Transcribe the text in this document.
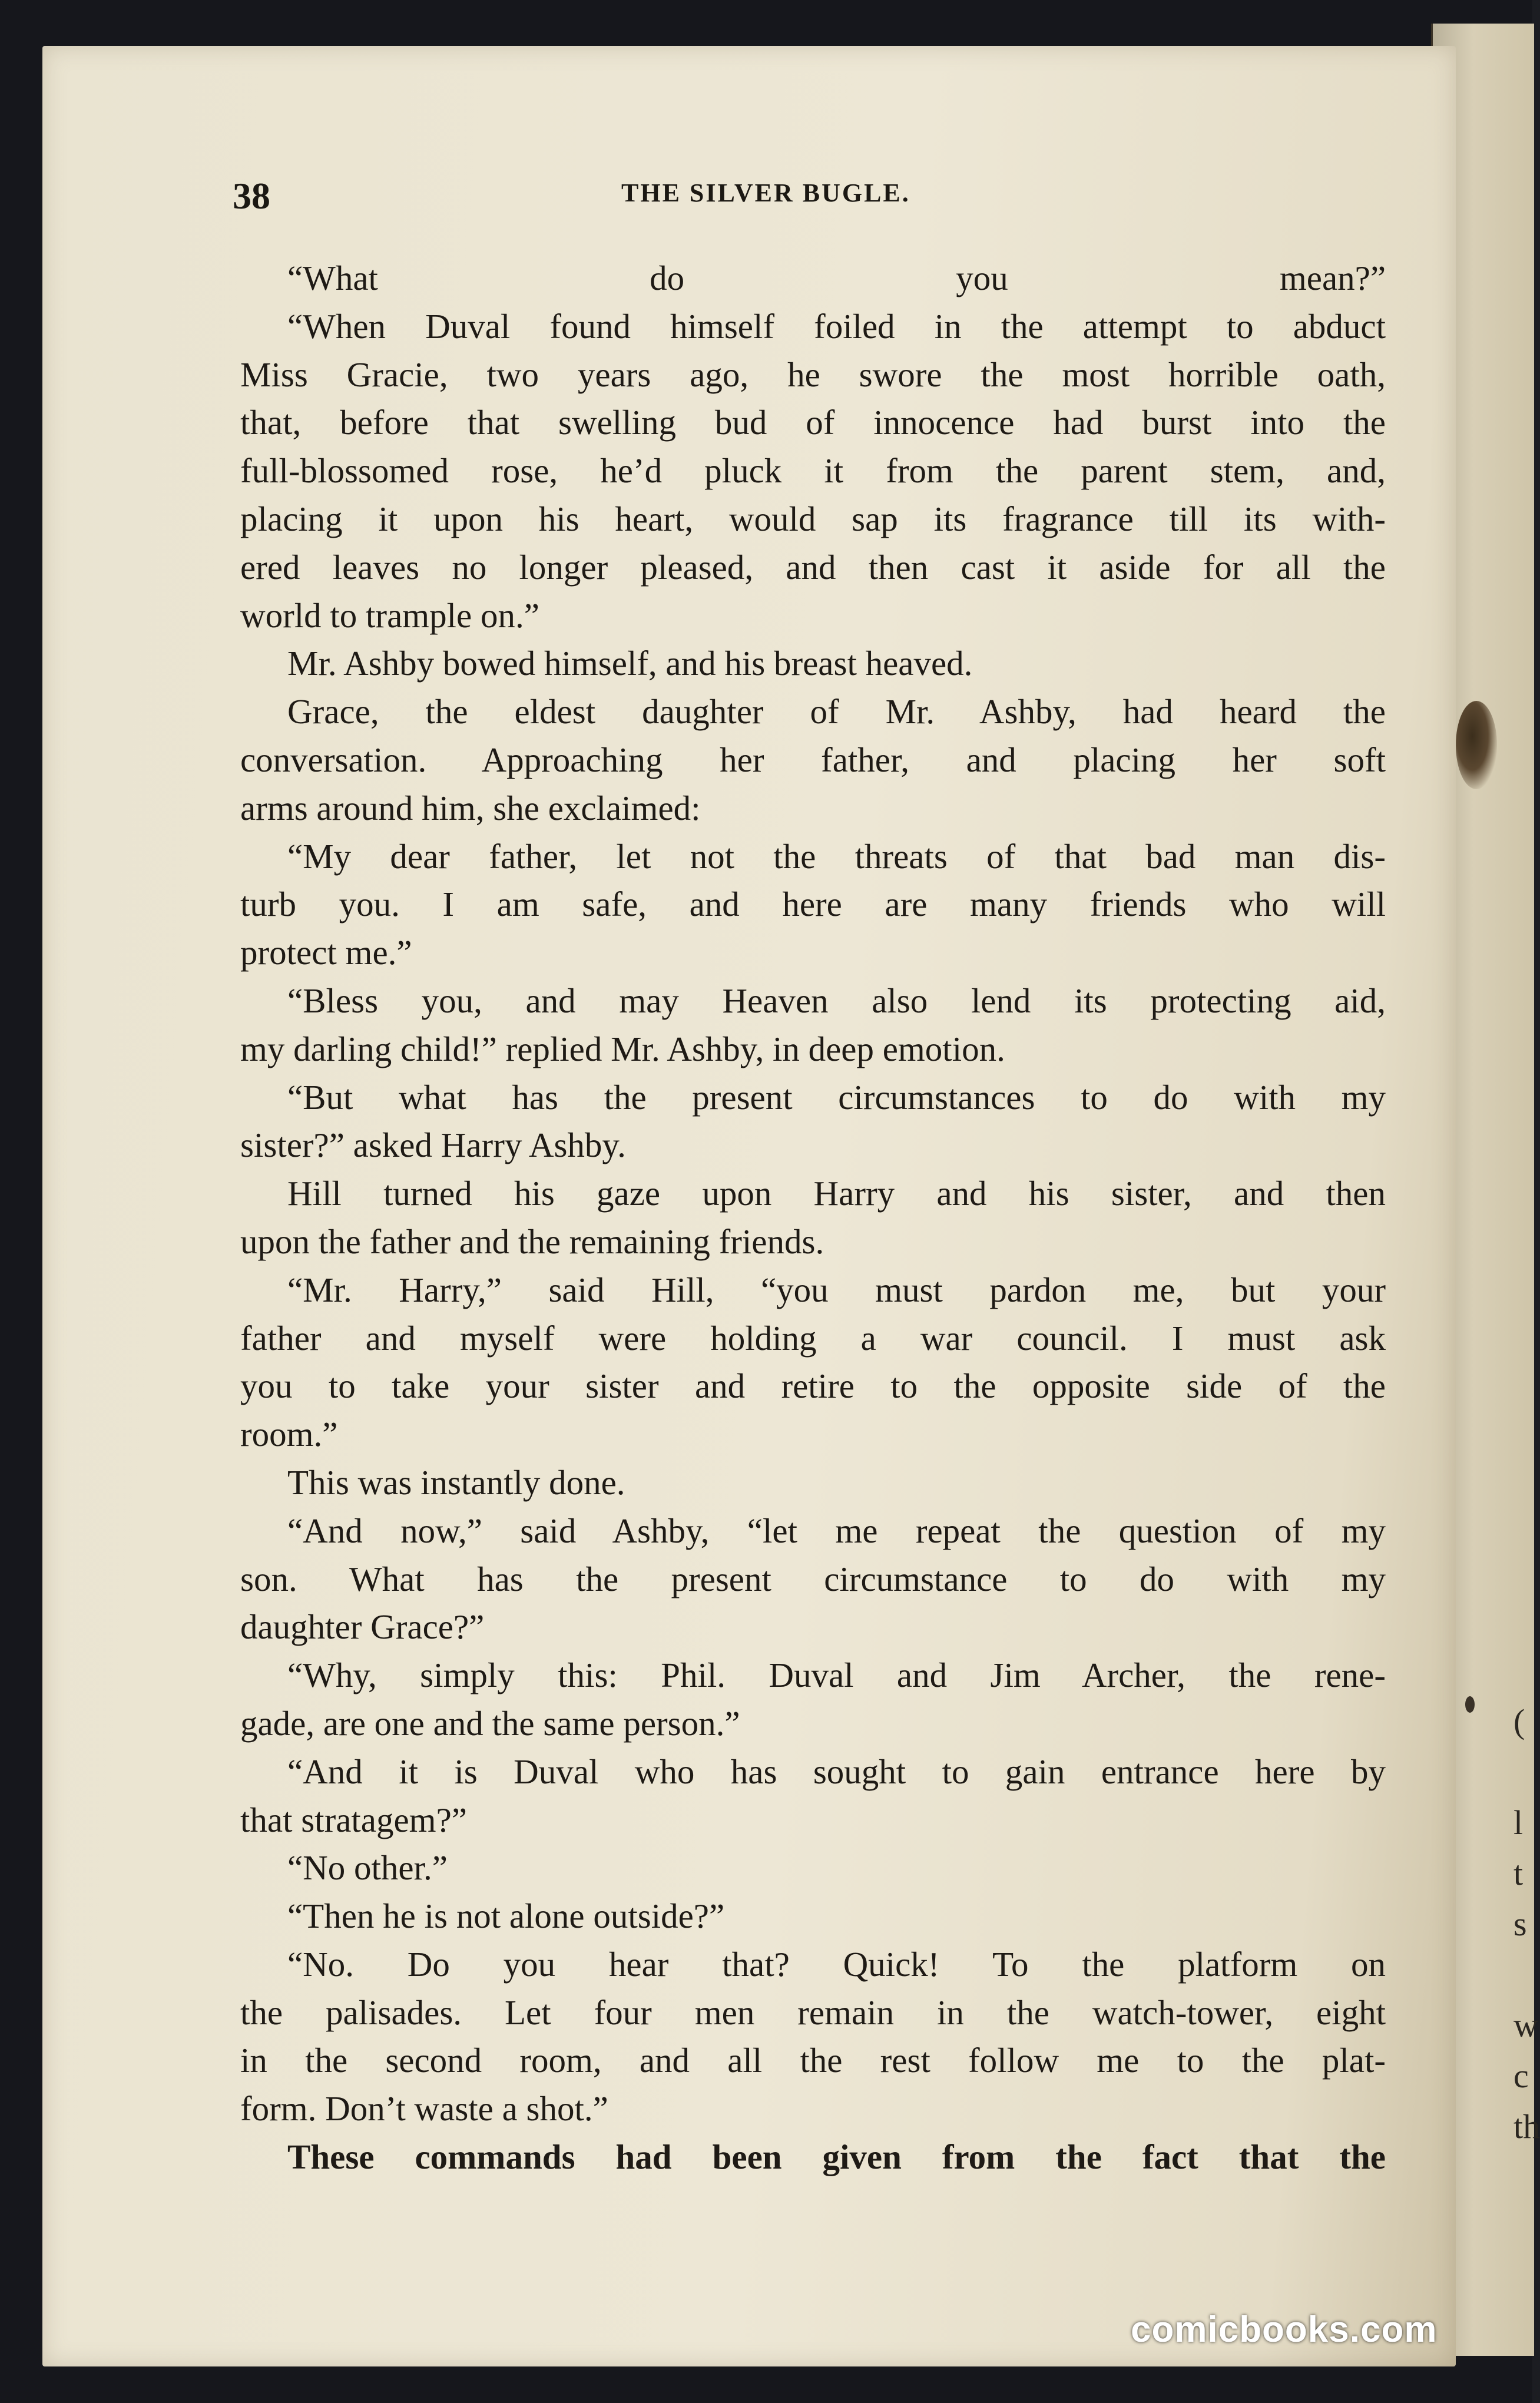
(

l
t
s

w
c
th
38	THE SILVER BUGLE.
“What do you mean?”
“When Duval found himself foiled in the attempt to abduct
Miss Gracie, two years ago, he swore the most horrible oath,
that, before that swelling bud of innocence had burst into the
full-blossomed rose, he’d pluck it from the parent stem, and,
placing it upon his heart, would sap its fragrance till its with-
ered leaves no longer pleased, and then cast it aside for all the
world to trample on.”
Mr. Ashby bowed himself, and his breast heaved.
Grace, the eldest daughter of Mr. Ashby, had heard the
conversation. Approaching her father, and placing her soft
arms around him, she exclaimed:
“My dear father, let not the threats of that bad man dis-
turb you. I am safe, and here are many friends who will
protect me.”
“Bless you, and may Heaven also lend its protecting aid,
my darling child!” replied Mr. Ashby, in deep emotion.
“But what has the present circumstances to do with my
sister?” asked Harry Ashby.
Hill turned his gaze upon Harry and his sister, and then
upon the father and the remaining friends.
“Mr. Harry,” said Hill, “you must pardon me, but your
father and myself were holding a war council. I must ask
you to take your sister and retire to the opposite side of the
room.”
This was instantly done.
“And now,” said Ashby, “let me repeat the question of my
son. What has the present circumstance to do with my
daughter Grace?”
“Why, simply this: Phil. Duval and Jim Archer, the rene-
gade, are one and the same person.”
“And it is Duval who has sought to gain entrance here by
that stratagem?”
“No other.”
“Then he is not alone outside?”
“No. Do you hear that? Quick! To the platform on
the palisades. Let four men remain in the watch-tower, eight
in the second room, and all the rest follow me to the plat-
form. Don’t waste a shot.”
These commands had been given from the fact that the
comicbooks.com
